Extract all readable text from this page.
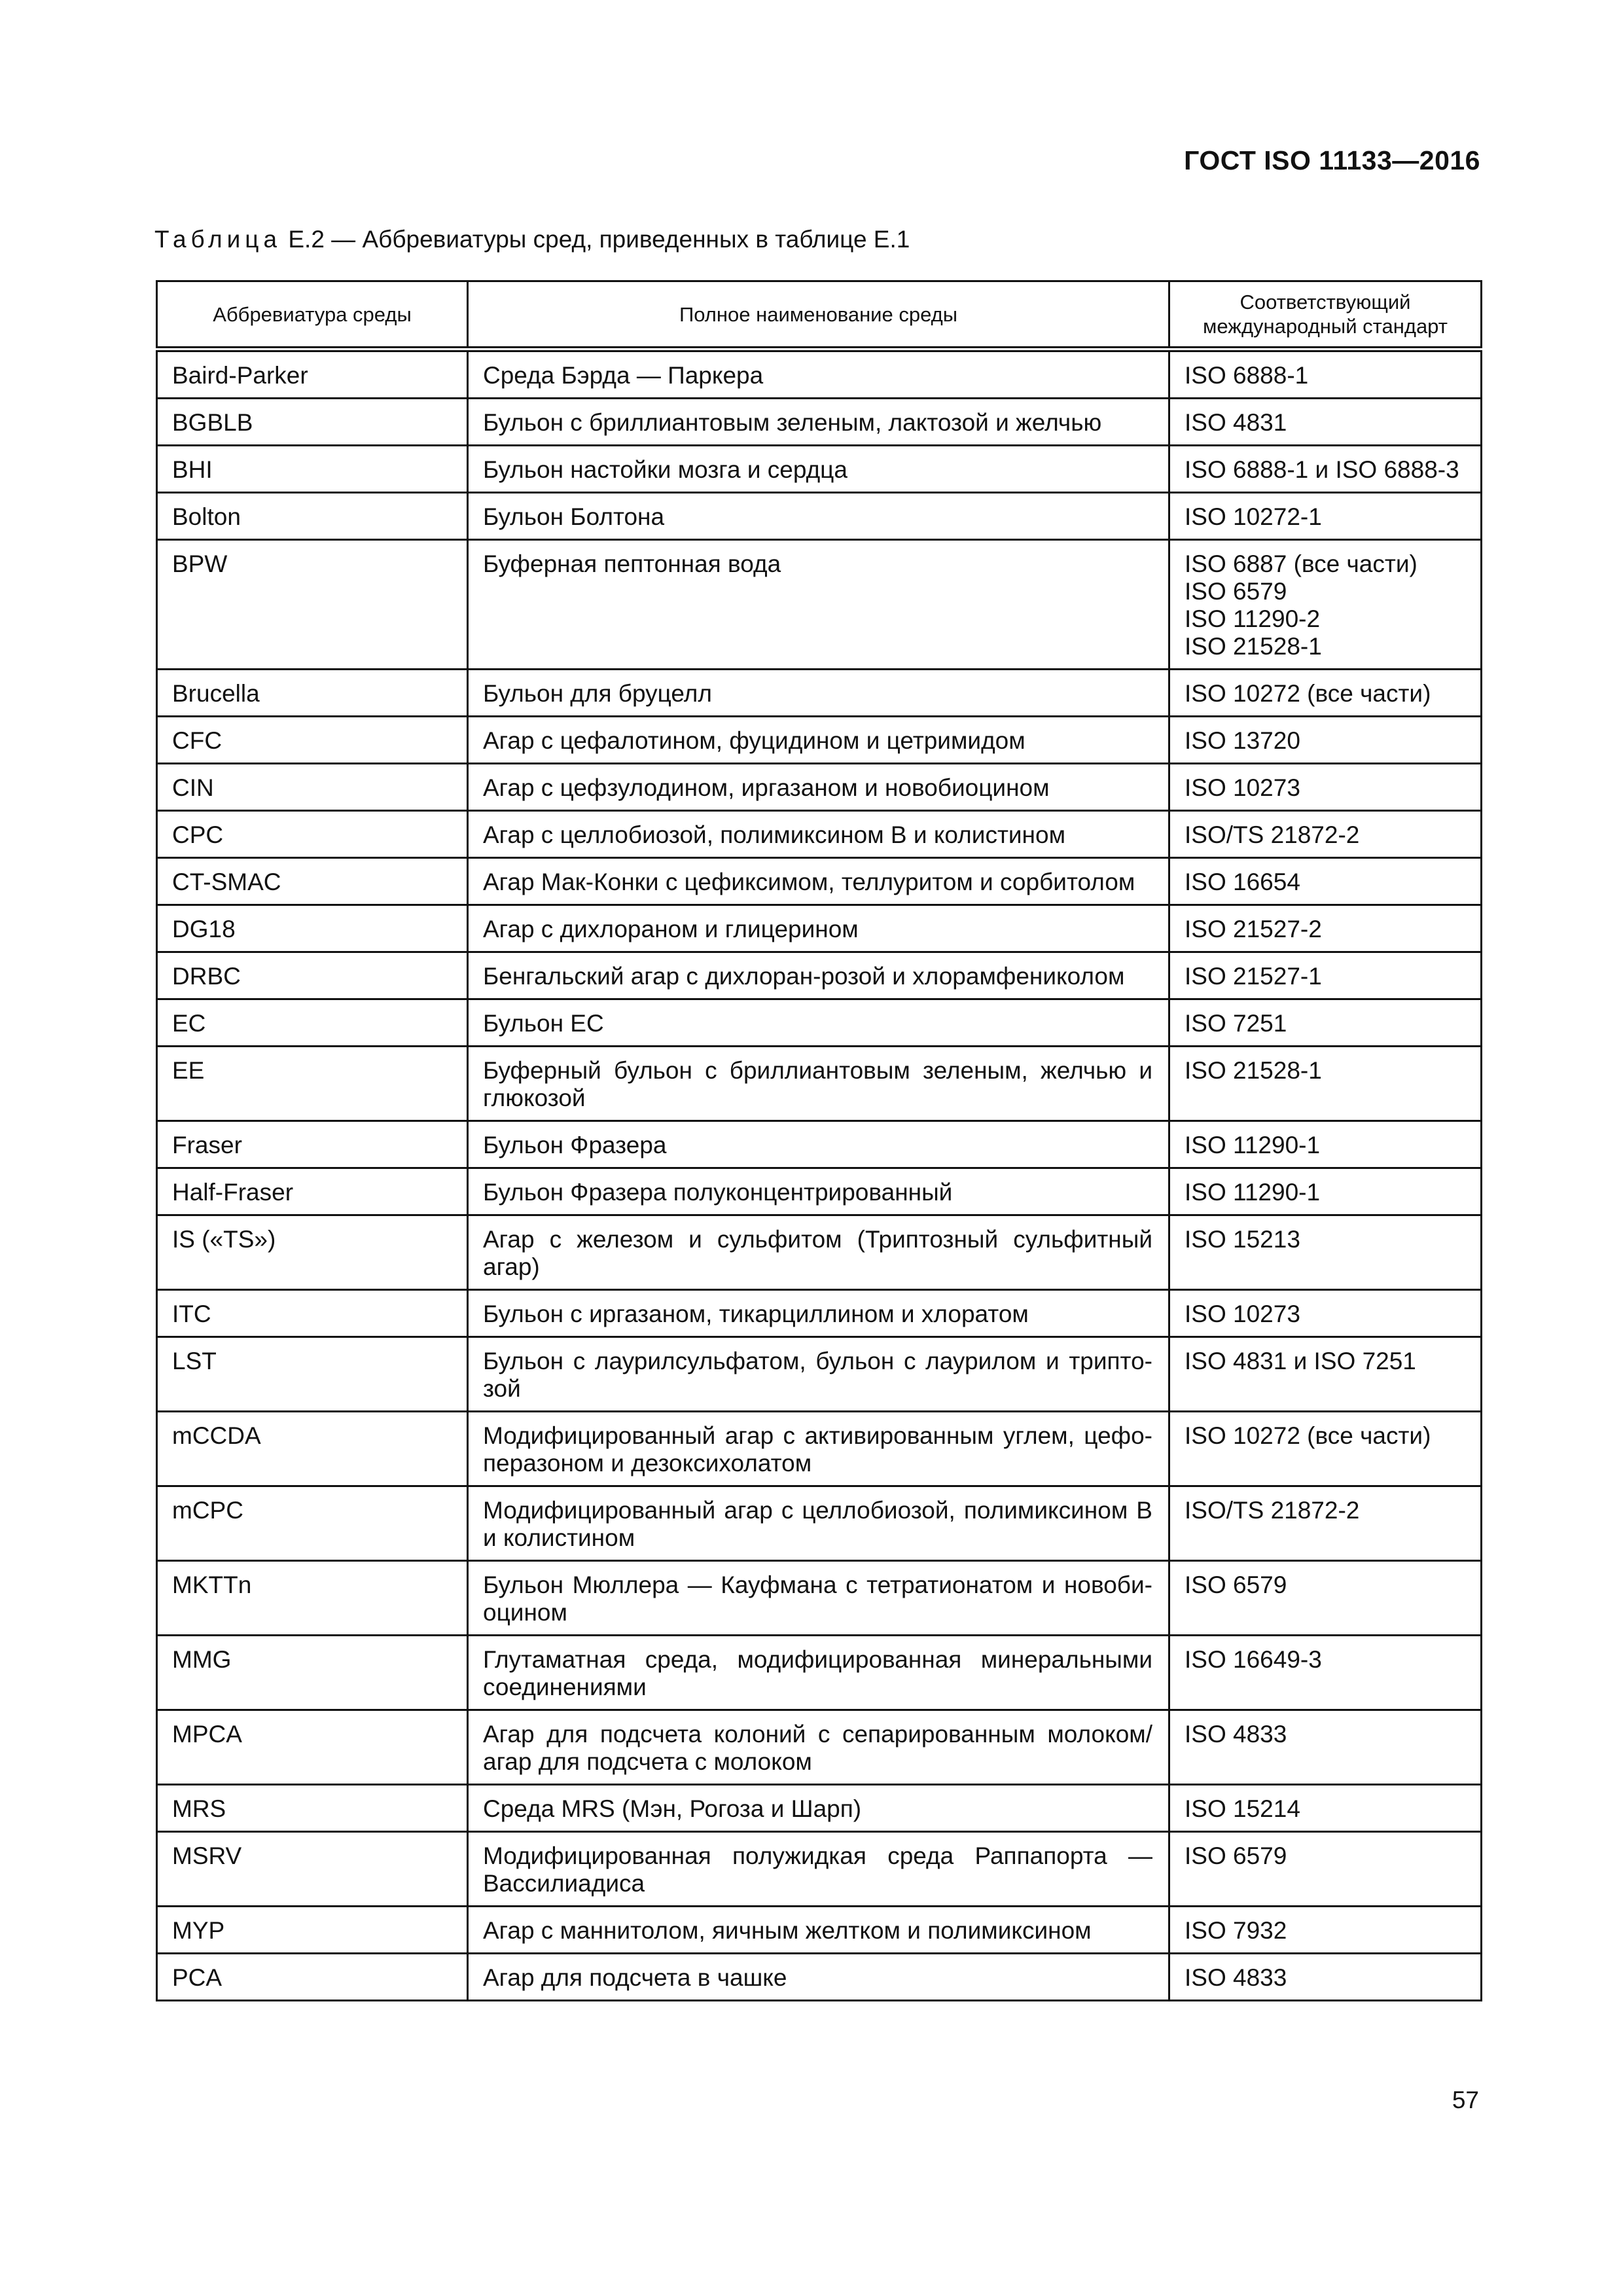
ГОСТ ISO 11133—2016
Таблица Е.2 — Аббревиатуры сред, приведенных в таблице Е.1
Аббревиатура среды	Полное наименование среды	Соответствующий международный стандарт
Baird-Parker	Среда Бэрда — Паркера	ISO 6888-1
BGBLB	Бульон с бриллиантовым зеленым, лактозой и желчью	ISO 4831
BHI	Бульон настойки мозга и сердца	ISO 6888-1 и ISO 6888-3
Bolton	Бульон Болтона	ISO 10272-1
BPW	Буферная пептонная вода	ISO 6887 (все части)
ISO 6579
ISO 11290-2
ISO 21528-1
Brucella	Бульон для бруцелл	ISO 10272 (все части)
CFC	Агар с цефалотином, фуцидином и цетримидом	ISO 13720
CIN	Агар с цефзулодином, иргазаном и новобиоцином	ISO 10273
CPC	Агар с целлобиозой, полимиксином В и колистином	ISO/TS 21872-2
CT-SMAC	Агар Мак-Конки с цефиксимом, теллуритом и сорбитолом	ISO 16654
DG18	Агар с дихлораном и глицерином	ISO 21527-2
DRBC	Бенгальский агар с дихлоран-розой и хлорамфениколом	ISO 21527-1
EC	Бульон ЕС	ISO 7251
EE	Буферный бульон с бриллиантовым зеленым, желчью и глюкозой	ISO 21528-1
Fraser	Бульон Фразера	ISO 11290-1
Half-Fraser	Бульон Фразера полуконцентрированный	ISO 11290-1
IS («TS»)	Агар с железом и сульфитом (Триптозный сульфитный агар)	ISO 15213
ITC	Бульон с иргазаном, тикарциллином и хлоратом	ISO 10273
LST	Бульон с лаурилсульфатом, бульон с лаурилом и трипто-зой	ISO 4831 и ISO 7251
mCCDA	Модифицированный агар с активированным углем, цефо-перазоном и дезоксихолатом	ISO 10272 (все части)
mCPC	Модифицированный агар с целлобиозой, полимиксином В и колистином	ISO/TS 21872-2
MKTTn	Бульон Мюллера — Кауфмана с тетратионатом и новоби-оцином	ISO 6579
MMG	Глутаматная среда, модифицированная минеральными соединениями	ISO 16649-3
MPCA	Агар для подсчета колоний с сепарированным молоком/ агар для подсчета с молоком	ISO 4833
MRS	Среда MRS (Мэн, Рогоза и Шарп)	ISO 15214
MSRV	Модифицированная полужидкая среда Раппапорта — Вассилиадиса	ISO 6579
MYP	Агар с маннитолом, яичным желтком и полимиксином	ISO 7932
PCA	Агар для подсчета в чашке	ISO 4833
57
